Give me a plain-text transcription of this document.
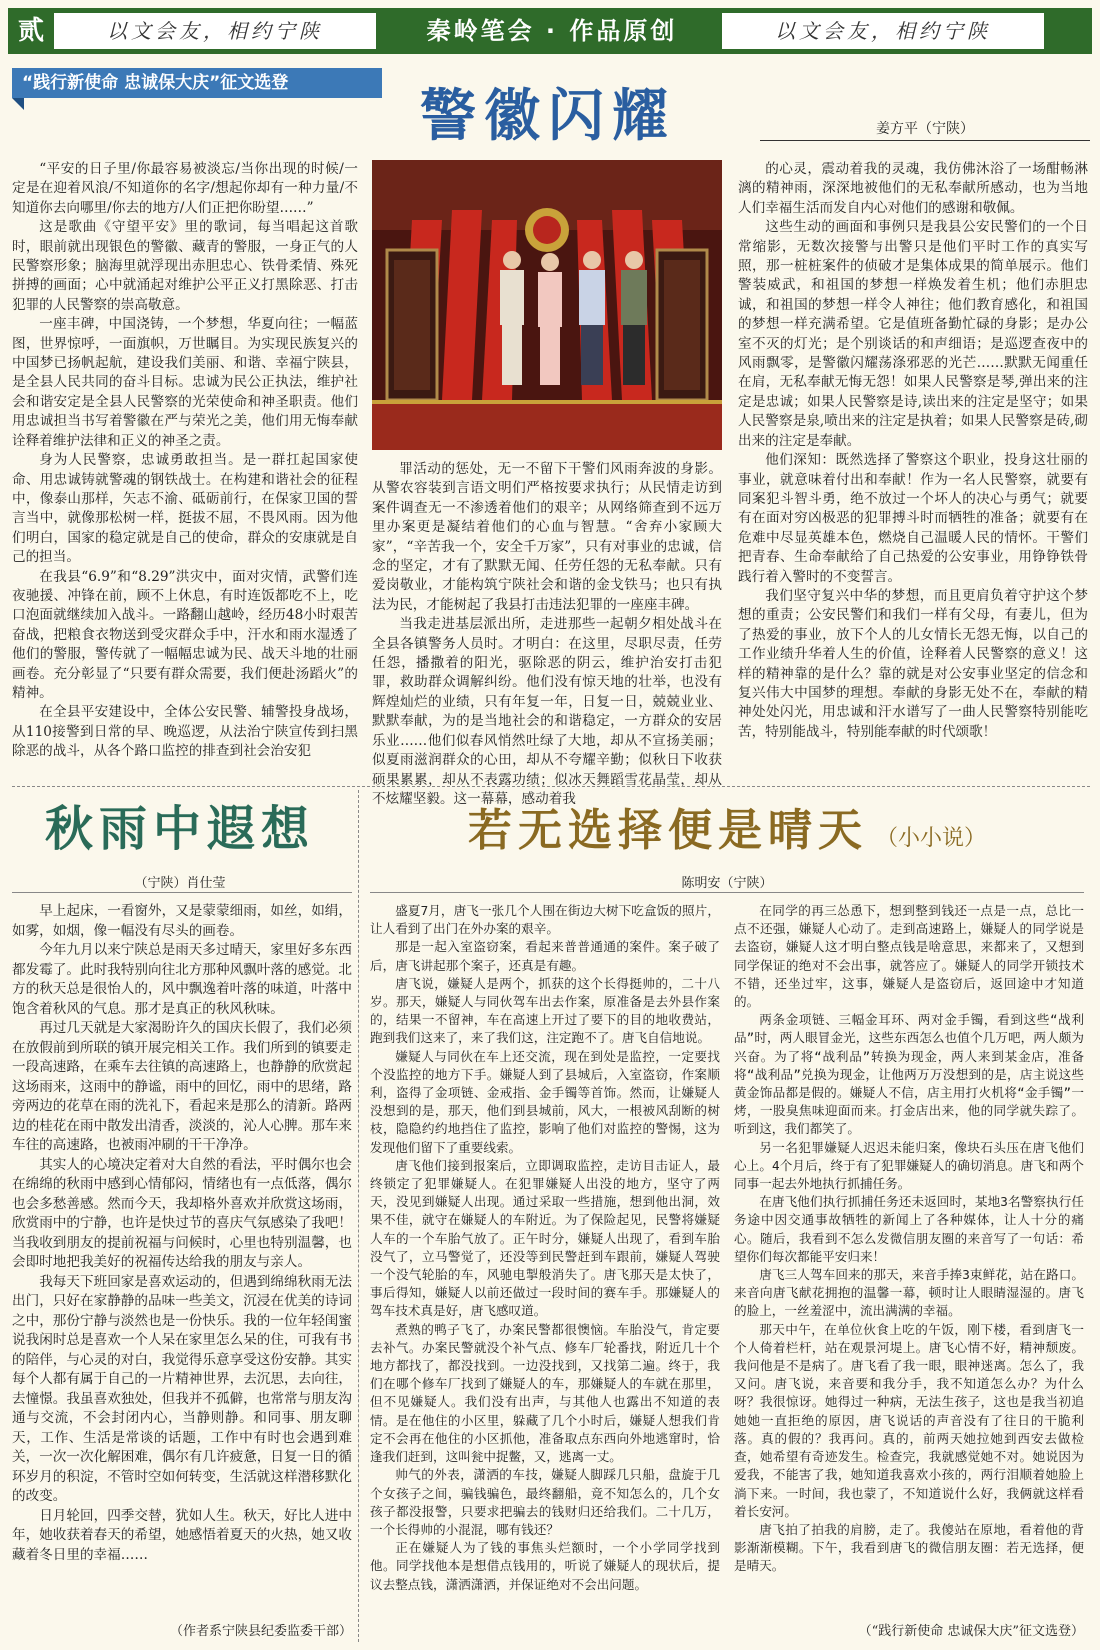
贰	以文会友，相约宁陕	秦岭笔会 · 作品原创	以文会友，相约宁陕
“践行新使命 忠诚保大庆”征文选登
警徽闪耀	姜方平（宁陕）

“平安的日子里/你最容易被淡忘/当你出现的时候/一定是在迎着风浪/不知道你的名字/想起你却有一种力量/不知道你去向哪里/你去的地方/人们正把你盼望……”

这是歌曲《守望平安》里的歌词，每当唱起这首歌时，眼前就出现银色的警徽、藏青的警服，一身正气的人民警察形象；脑海里就浮现出赤胆忠心、铁骨柔情、殊死拼搏的画面；心中就涌起对维护公平正义打黑除恶、打击犯罪的人民警察的崇高敬意。

一座丰碑，中国浇铸，一个梦想，华夏向往；一幅蓝图，世界惊呼，一面旗帜，万世瞩目。为实现民族复兴的中国梦已扬帆起航，建设我们美丽、和谐、幸福宁陕县，是全县人民共同的奋斗目标。忠诚为民公正执法，维护社会和谐安定是全县人民警察的光荣使命和神圣职责。他们用忠诚担当书写着警徽在严与荣光之美，他们用无悔奉献诠释着维护法律和正义的神圣之责。

身为人民警察，忠诚勇敢担当。是一群扛起国家使命、用忠诚铸就警魂的钢铁战士。在构建和谐社会的征程中，像泰山那样，矢志不渝、砥砺前行，在保家卫国的誓言当中，就像那松树一样，挺拔不屈，不畏风雨。因为他们明白，国家的稳定就是自己的使命，群众的安康就是自己的担当。

在我县“6.9”和“8.29”洪灾中，面对灾情，武警们连夜驰援、冲锋在前，顾不上休息，有时连饭都吃不上，吃口泡面就继续加入战斗。一路翻山越岭，经历48小时艰苦奋战，把粮食衣物送到受灾群众手中，汗水和雨水湿透了他们的警服，警传就了一幅幅忠诚为民、战天斗地的壮丽画卷。充分彰显了“只要有群众需要，我们便赴汤蹈火”的精神。

在全县平安建设中，全体公安民警、辅警投身战场，从110接警到日常的早、晚巡逻，从法治宁陕宣传到扫黑除恶的战斗，从各个路口监控的排查到社会治安犯

罪活动的惩处，无一不留下干警们风雨奔波的身影。从警农容装到言语文明们严格按要求执行；从民情走访到案件调查无一不渗透着他们的艰辛；从网络筛查到不远万里办案更是凝结着他们的心血与智慧。“舍弃小家顾大家”，“辛苦我一个，安全千万家”，只有对事业的忠诚，信念的坚定，才有了默默无闻、任劳任怨的无私奉献。只有爱岗敬业，才能构筑宁陕社会和谐的金戈铁马；也只有执法为民，才能树起了我县打击违法犯罪的一座座丰碑。

当我走进基层派出所，走进那些一起朝夕相处战斗在全县各镇警务人员时。才明白：在这里，尽职尽责，任劳任怨，播撒着的阳光，驱除恶的阴云，维护治安打击犯罪，救助群众调解纠纷。他们没有惊天地的壮举，也没有辉煌灿烂的业绩，只有年复一年，日复一日，兢兢业业、默默奉献，为的是当地社会的和谐稳定，一方群众的安居乐业……他们似春风悄然吐绿了大地，却从不宣扬美丽；似夏雨滋润群众的心田，却从不夸耀辛勤；似秋日下收获硕果累累，却从不表露功绩；似冰天舞蹈雪花晶莹，却从不炫耀坚毅。这一幕幕，感动着我

的心灵，震动着我的灵魂，我仿佛沐浴了一场酣畅淋漓的精神雨，深深地被他们的无私奉献所感动，也为当地人们幸福生活而发自内心对他们的感谢和敬佩。

这些生动的画面和事例只是我县公安民警们的一个日常缩影，无数次接警与出警只是他们平时工作的真实写照，那一桩桩案件的侦破才是集体成果的简单展示。他们警装威武，和祖国的梦想一样焕发着生机；他们赤胆忠诚，和祖国的梦想一样令人神往；他们教育感化，和祖国的梦想一样充满希望。它是值班备勤忙碌的身影；是办公室不灭的灯光；是个别谈话的和声细语；是巡逻查夜中的风雨飘零，是警徽闪耀荡涤邪恶的光芒……默默无闻重任在肩，无私奉献无悔无怨！如果人民警察是琴,弹出来的注定是忠诚；如果人民警察是诗,读出来的注定是坚守；如果人民警察是泉,喷出来的注定是执着；如果人民警察是砖,砌出来的注定是奉献。

他们深知：既然选择了警察这个职业，投身这壮丽的事业，就意味着付出和奉献！作为一名人民警察，就要有同案犯斗智斗勇，绝不放过一个坏人的决心与勇气；就要有在面对穷凶极恶的犯罪搏斗时而牺牲的准备；就要有在危难中尽显英雄本色，燃烧自己温暖人民的情怀。干警们把青春、生命奉献给了自己热爱的公安事业，用铮铮铁骨践行着入警时的不变誓言。

我们坚守复兴中华的梦想，而且更肩负着守护这个梦想的重责；公安民警们和我们一样有父母，有妻儿，但为了热爱的事业，放下个人的儿女情长无怨无悔，以自己的工作业绩升华着人生的价值，诠释着人民警察的意义！这样的精神靠的是什么？靠的就是对公安事业坚定的信念和复兴伟大中国梦的理想。奉献的身影无处不在，奉献的精神处处闪光，用忠诚和汗水谱写了一曲人民警察特别能吃苦，特别能战斗，特别能奉献的时代颂歌！

秋雨中遐想
（宁陕）肖仕莹

早上起床，一看窗外，又是蒙蒙细雨，如丝，如绢，如雾，如烟，像一幅没有尽头的画卷。

今年九月以来宁陕总是雨天多过晴天，家里好多东西都发霉了。此时我特别向往北方那种风飘叶落的感觉。北方的秋天总是很怡人的，风中飘逸着叶落的味道，叶落中饱含着秋风的气息。那才是真正的秋风秋味。

再过几天就是大家渴盼许久的国庆长假了，我们必须在放假前到所联的镇开展完相关工作。我们所到的镇要走一段高速路，在乘车去往镇的高速路上，也静静的欣赏起这场雨来，这雨中的静谧，雨中的回忆，雨中的思绪，路旁两边的花草在雨的洗礼下，看起来是那么的清新。路两边的桂花在雨中散发出清香，淡淡的，沁人心脾。那车来车往的高速路，也被雨冲刷的干干净净。

其实人的心境决定着对大自然的看法，平时偶尔也会在绵绵的秋雨中感到心情郁闷，情绪也有一点低落，偶尔也会多愁善感。然而今天，我却格外喜欢并欣赏这场雨，欣赏雨中的宁静，也许是快过节的喜庆气氛感染了我吧！当我收到朋友的提前祝福与问候时，心里也特别温馨，也会即时地把我美好的祝福传达给我的朋友与亲人。

我每天下班回家是喜欢运动的，但遇到绵绵秋雨无法出门，只好在家静静的品味一些美文，沉浸在优美的诗词之中，那份宁静与淡然也是一份快乐。我的一位年轻闺蜜说我闲时总是喜欢一个人呆在家里怎么呆的住，可我有书的陪伴，与心灵的对白，我觉得乐意享受这份安静。其实每个人都有属于自己的一片精神世界，去沉思，去向往，去憧憬。我虽喜欢独处，但我并不孤僻，也常常与朋友沟通与交流，不会封闭内心，当静则静。和同事、朋友聊天，工作、生活是常谈的话题，工作中有时也会遇到难关，一次一次化解困难，偶尔有几许疲惫，日复一日的循环岁月的积淀，不管时空如何转变，生活就这样潜移默化的改变。

日月轮回，四季交替，犹如人生。秋天，好比人进中年，她收获着春天的希望，她感悟着夏天的火热，她又收藏着冬日里的幸福……

（作者系宁陕县纪委监委干部）
若无选择便是晴天 （小小说）
陈明安（宁陕）

盛夏7月，唐飞一张几个人围在街边大树下吃盒饭的照片，让人看到了出门在外办案的艰辛。

那是一起入室盗窃案，看起来普普通通的案件。案子破了后，唐飞讲起那个案子，还真是有趣。

唐飞说，嫌疑人是两个，抓获的这个长得挺帅的，二十八岁。那天，嫌疑人与同伙驾车出去作案，原准备是去外县作案的，结果一不留神，车在高速上开过了要下的目的地收费站，跑到我们这来了，来了我们这，注定跑不了。唐飞自信地说。

嫌疑人与同伙在车上还交流，现在到处是监控，一定要找个没监控的地方下手。嫌疑人到了县城后，入室盗窃，作案顺利，盗得了金项链、金戒指、金手镯等首饰。然而，让嫌疑人没想到的是，那天，他们到县城前，风大，一根被风刮断的树枝，隐隐约约地挡住了监控，影响了他们对监控的警惕，这为发现他们留下了重要线索。

唐飞他们接到报案后，立即调取监控，走访目击证人，最终锁定了犯罪嫌疑人。在犯罪嫌疑人出没的地方，坚守了两天，没见到嫌疑人出现。通过采取一些措施，想到他出洞，效果不佳，就守在嫌疑人的车附近。为了保险起见，民警将嫌疑人车的一个车胎气放了。正午时分，嫌疑人出现了，看到车胎没气了，立马警觉了，还没等到民警赶到车跟前，嫌疑人驾驶一个没气轮胎的车，风驰电掣般消失了。唐飞那天是太快了，事后得知，嫌疑人以前还做过一段时间的赛车手。那嫌疑人的驾车技术真是好，唐飞感叹道。

煮熟的鸭子飞了，办案民警都很懊恼。车胎没气，肯定要去补气。办案民警就没个补气点、修车厂轮番找，附近几十个地方都找了，都没找到。一边没找到，又找第二遍。终于，我们在哪个修车厂找到了嫌疑人的车，那嫌疑人的车就在那里，但不见嫌疑人。我们没有出声，与其他人也露出不知道的表情。是在他住的小区里，躲藏了几个小时后，嫌疑人想我们肯定不会再在他住的小区抓他，准备取点东西向外地逃窜时，恰逢我们赶到，这叫瓮中捉鳖，又，逃离一丈。

帅气的外表，潇洒的车技，嫌疑人脚踩几只船，盘旋于几个女孩子之间，骗钱骗色，最终翻船，竟不知怎么的，几个女孩子都没报警，只要求把骗去的钱财归还给我们。二十几万，一个长得帅的小混混，哪有钱还？

正在嫌疑人为了钱的事焦头烂额时，一个小学同学找到他。同学找他本是想借点钱用的，听说了嫌疑人的现状后，提议去整点钱，潇洒潇洒，并保证绝对不会出问题。

在同学的再三怂恿下，想到整到钱还一点是一点，总比一点不还强，嫌疑人心动了。走到高速路上，嫌疑人的同学说是去盗窃，嫌疑人这才明白整点钱是啥意思，来都来了，又想到同学保证的绝对不会出事，就答应了。嫌疑人的同学开锁技术不错，还坐过牢，这事，嫌疑人是盗窃后，返回途中才知道的。

两条金项链、三幅金耳环、两对金手镯，看到这些“战利品”时，两人眼冒金光，这些东西怎么也值个几万吧，两人颇为兴奋。为了将“战利品”转换为现金，两人来到某金店，准备将“战利品”兑换为现金，让他两万万没想到的是，店主说这些黄金饰品都是假的。嫌疑人不信，店主用打火机将“金手镯”一烤，一股臭焦味迎面而来。打金店出来，他的同学就失踪了。听到这，我们都笑了。

另一名犯罪嫌疑人迟迟未能归案，像块石头压在唐飞他们心上。4个月后，终于有了犯罪嫌疑人的确切消息。唐飞和两个同事一起去外地执行抓捕任务。

在唐飞他们执行抓捕任务还未返回时，某地3名警察执行任务途中因交通事故牺牲的新闻上了各种媒体，让人十分的痛心。随后，我看到不怎么发微信朋友圈的来音写了一句话：希望你们每次都能平安归来！

唐飞三人驾车回来的那天，来音手捧3束鲜花，站在路口。来音向唐飞献花拥抱的温馨一幕，顿时让人眼睛湿湿的。唐飞的脸上，一丝羞涩中，流出满满的幸福。

那天中午，在单位伙食上吃的午饭，刚下楼，看到唐飞一个人倚着栏杆，站在观景河堤上。唐飞心情不好，精神颓废。我问他是不是病了。唐飞看了我一眼，眼神迷离。怎么了，我又问。唐飞说，来音要和我分手，我不知道怎么办？为什么呀？我很惊讶。她得过一种病，无法生孩子，这也是我当初追她她一直拒绝的原因，唐飞说话的声音没有了往日的干脆利落。真的假的？我再问。真的，前两天她拉她到西安去做检查，她希望有奇迹发生。检查完，我就感觉她不对。她说因为爱我，不能害了我，她知道我喜欢小孩的，两行泪顺着她脸上淌下来。一时间，我也蒙了，不知道说什么好，我俩就这样看着长安河。

唐飞拍了拍我的肩膀，走了。我傻站在原地，看着他的背影渐渐模糊。下午，我看到唐飞的微信朋友圈：若无选择，便是晴天。

（“践行新使命 忠诚保大庆”征文选登）
